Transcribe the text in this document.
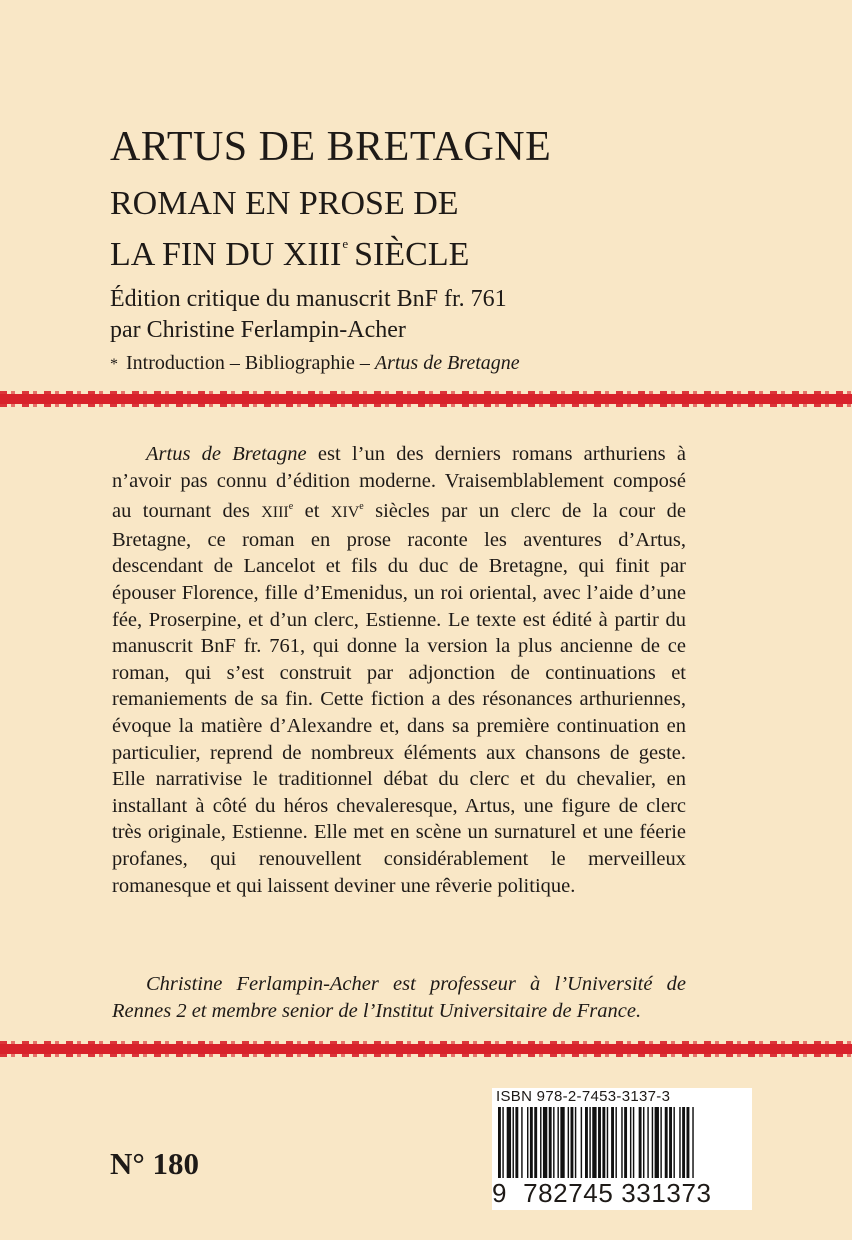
ARTUS DE BRETAGNE
ROMAN EN PROSE DE
LA FIN DU XIIIe SIÈCLE
Édition critique du manuscrit BnF fr. 761
par Christine Ferlampin-Acher
* Introduction – Bibliographie – Artus de Bretagne
Artus de Bretagne est l’un des derniers romans arthuriens à n’avoir pas connu d’édition moderne. Vraisemblablement composé au tournant des XIIIe et XIVe siècles par un clerc de la cour de Bretagne, ce roman en prose raconte les aventures d’Artus, descendant de Lancelot et fils du duc de Bretagne, qui finit par épouser Florence, fille d’Emenidus, un roi oriental, avec l’aide d’une fée, Proserpine, et d’un clerc, Estienne. Le texte est édité à partir du manuscrit BnF fr. 761, qui donne la version la plus ancienne de ce roman, qui s’est construit par adjonction de continuations et remaniements de sa fin. Cette fiction a des résonances arthuriennes, évoque la matière d’Alexandre et, dans sa première continuation en particulier, reprend de nombreux éléments aux chansons de geste. Elle narrativise le traditionnel débat du clerc et du chevalier, en installant à côté du héros chevaleresque, Artus, une figure de clerc très originale, Estienne. Elle met en scène un surnaturel et une féerie profanes, qui renouvellent considérablement le merveilleux romanesque et qui laissent deviner une rêverie politique.
Christine Ferlampin-Acher est professeur à l’Université de Rennes 2 et membre senior de l’Institut Universitaire de France.
N° 180
ISBN 978-2-7453-3137-3
9 782745 331373
